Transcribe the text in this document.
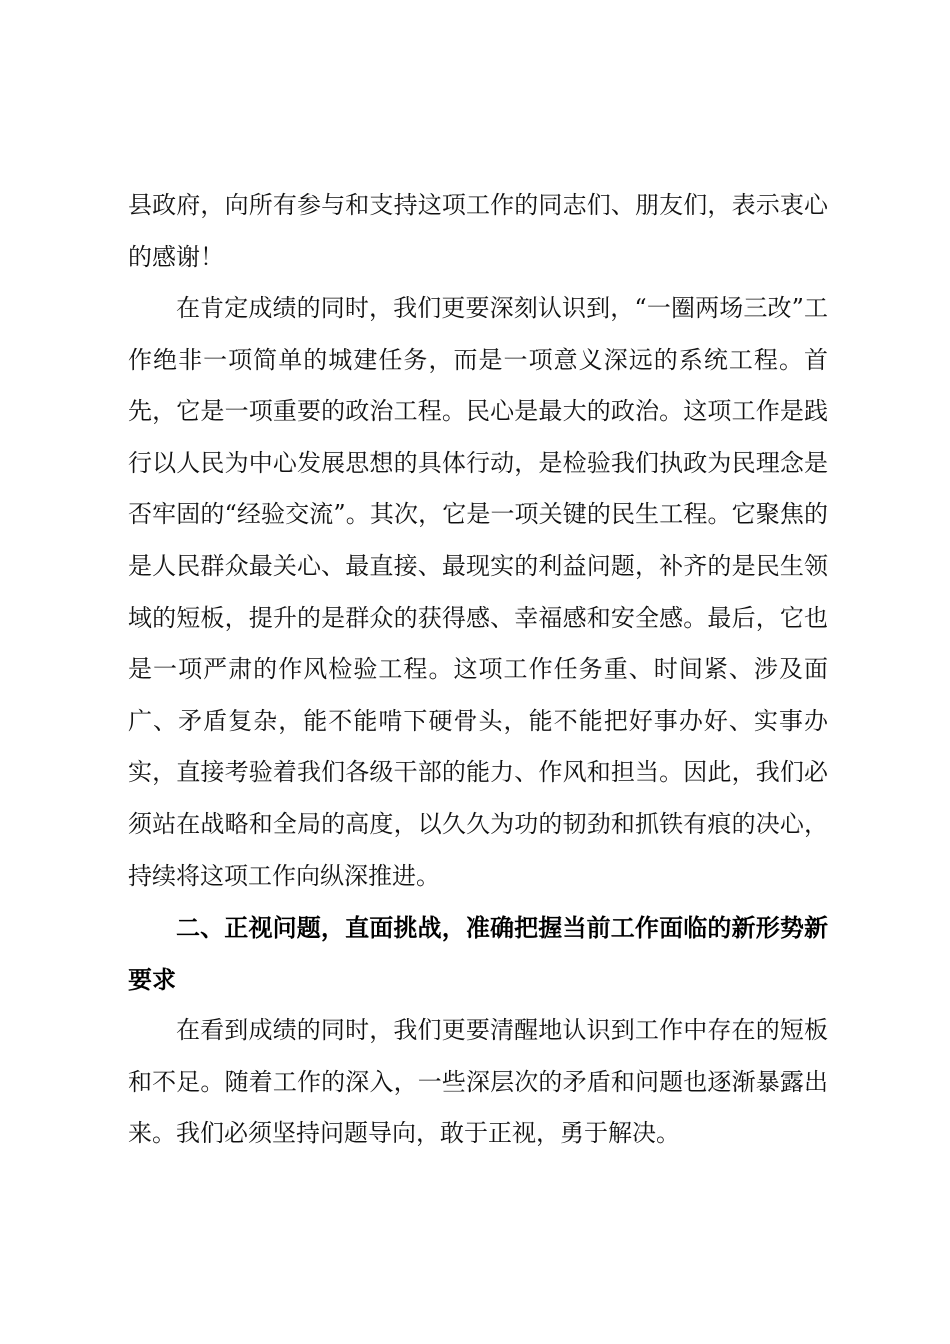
县政府，向所有参与和支持这项工作的同志们、朋友们，表示衷心的感谢！

在肯定成绩的同时，我们更要深刻认识到，“一圈两场三改”工作绝非一项简单的城建任务，而是一项意义深远的系统工程。首先，它是一项重要的政治工程。民心是最大的政治。这项工作是践行以人民为中心发展思想的具体行动，是检验我们执政为民理念是否牢固的“经验交流”。其次，它是一项关键的民生工程。它聚焦的是人民群众最关心、最直接、最现实的利益问题，补齐的是民生领域的短板，提升的是群众的获得感、幸福感和安全感。最后，它也是一项严肃的作风检验工程。这项工作任务重、时间紧、涉及面广、矛盾复杂，能不能啃下硬骨头，能不能把好事办好、实事办实，直接考验着我们各级干部的能力、作风和担当。因此，我们必须站在战略和全局的高度，以久久为功的韧劲和抓铁有痕的决心，持续将这项工作向纵深推进。

二、正视问题，直面挑战，准确把握当前工作面临的新形势新要求

在看到成绩的同时，我们更要清醒地认识到工作中存在的短板和不足。随着工作的深入，一些深层次的矛盾和问题也逐渐暴露出来。我们必须坚持问题导向，敢于正视，勇于解决。
